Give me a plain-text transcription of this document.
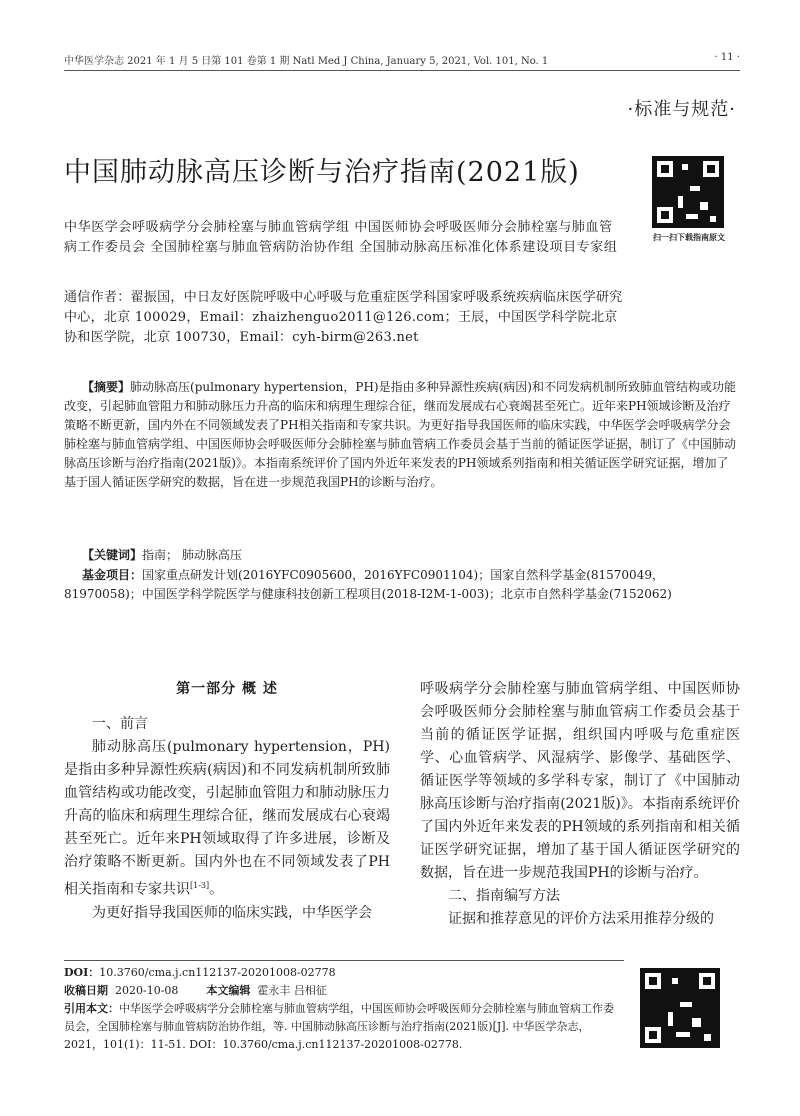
中华医学杂志 2021 年 1 月 5 日第 101 卷第 1 期 Natl Med J China, January 5, 2021, Vol. 101, No. 1	· 11 ·
·标准与规范·
中国肺动脉高压诊断与治疗指南(2021版)
扫一扫下载指南原文
中华医学会呼吸病学分会肺栓塞与肺血管病学组 中国医师协会呼吸医师分会肺栓塞与肺血管病工作委员会 全国肺栓塞与肺血管病防治协作组 全国肺动脉高压标准化体系建设项目专家组
通信作者：翟振国，中日友好医院呼吸中心呼吸与危重症医学科国家呼吸系统疾病临床医学研究中心，北京 100029，Email：zhaizhenguo2011@126.com；王辰，中国医学科学院北京协和医学院，北京 100730，Email：cyh-birm@263.net
【摘要】肺动脉高压(pulmonary hypertension，PH)是指由多种异源性疾病(病因)和不同发病机制所致肺血管结构或功能改变，引起肺血管阻力和肺动脉压力升高的临床和病理生理综合征，继而发展成右心衰竭甚至死亡。近年来PH领域诊断及治疗策略不断更新，国内外在不同领域发表了PH相关指南和专家共识。为更好指导我国医师的临床实践，中华医学会呼吸病学分会肺栓塞与肺血管病学组、中国医师协会呼吸医师分会肺栓塞与肺血管病工作委员会基于当前的循证医学证据，制订了《中国肺动脉高压诊断与治疗指南(2021版)》。本指南系统评价了国内外近年来发表的PH领域系列指南和相关循证医学研究证据，增加了基于国人循证医学研究的数据，旨在进一步规范我国PH的诊断与治疗。
【关键词】指南； 肺动脉高压
基金项目：国家重点研发计划(2016YFC0905600，2016YFC0901104)；国家自然科学基金(81570049，81970058)；中国医学科学院医学与健康科技创新工程项目(2018-I2M-1-003)；北京市自然科学基金(7152062)
第一部分 概 述

一、前言

肺动脉高压(pulmonary hypertension，PH)是指由多种异源性疾病(病因)和不同发病机制所致肺血管结构或功能改变，引起肺血管阻力和肺动脉压力升高的临床和病理生理综合征，继而发展成右心衰竭甚至死亡。近年来PH领域取得了许多进展，诊断及治疗策略不断更新。国内外也在不同领域发表了PH相关指南和专家共识[1-3]。

为更好指导我国医师的临床实践，中华医学会

呼吸病学分会肺栓塞与肺血管病学组、中国医师协会呼吸医师分会肺栓塞与肺血管病工作委员会基于当前的循证医学证据，组织国内呼吸与危重症医学、心血管病学、风湿病学、影像学、基础医学、循证医学等领域的多学科专家，制订了《中国肺动脉高压诊断与治疗指南(2021版)》。本指南系统评价了国内外近年来发表的PH领域的系列指南和相关循证医学研究证据，增加了基于国人循证医学研究的数据，旨在进一步规范我国PH的诊断与治疗。

二、指南编写方法

证据和推荐意见的评价方法采用推荐分级的

DOI：10.3760/cma.j.cn112137-20201008-02778
收稿日期 2020-10-08	本文编辑 霍永丰 吕相征
引用本文：中华医学会呼吸病学分会肺栓塞与肺血管病学组，中国医师协会呼吸医师分会肺栓塞与肺血管病工作委员会，全国肺栓塞与肺血管病防治协作组，等. 中国肺动脉高压诊断与治疗指南(2021版)[J]. 中华医学杂志，2021，101(1)：11-51. DOI：10.3760/cma.j.cn112137-20201008-02778.
